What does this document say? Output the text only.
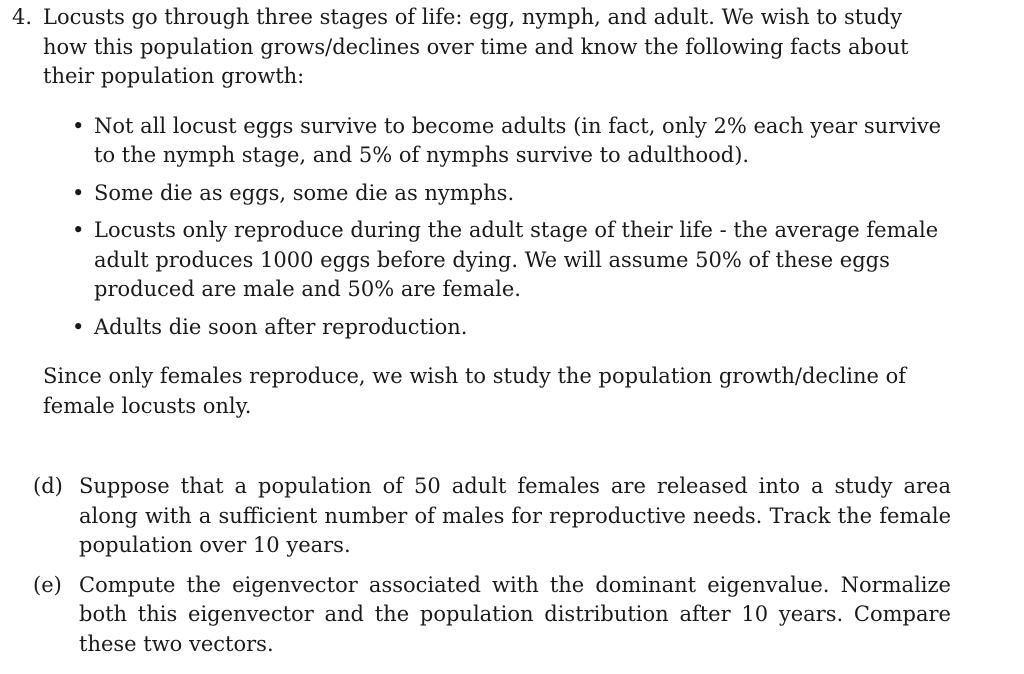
4. Locusts go through three stages of life: egg, nymph, and adult. We wish to study how this population grows/declines over time and know the following facts about their population growth:
• Not all locust eggs survive to become adults (in fact, only 2% each year survive to the nymph stage, and 5% of nymphs survive to adulthood).
• Some die as eggs, some die as nymphs.
• Locusts only reproduce during the adult stage of their life - the average female adult produces 1000 eggs before dying. We will assume 50% of these eggs produced are male and 50% are female.
• Adults die soon after reproduction.
Since only females reproduce, we wish to study the population growth/decline of female locusts only.
(d) Suppose that a population of 50 adult females are released into a study area along with a sufficient number of males for reproductive needs. Track the female population over 10 years.
(e) Compute the eigenvector associated with the dominant eigenvalue. Normalize both this eigenvector and the population distribution after 10 years. Compare these two vectors.
